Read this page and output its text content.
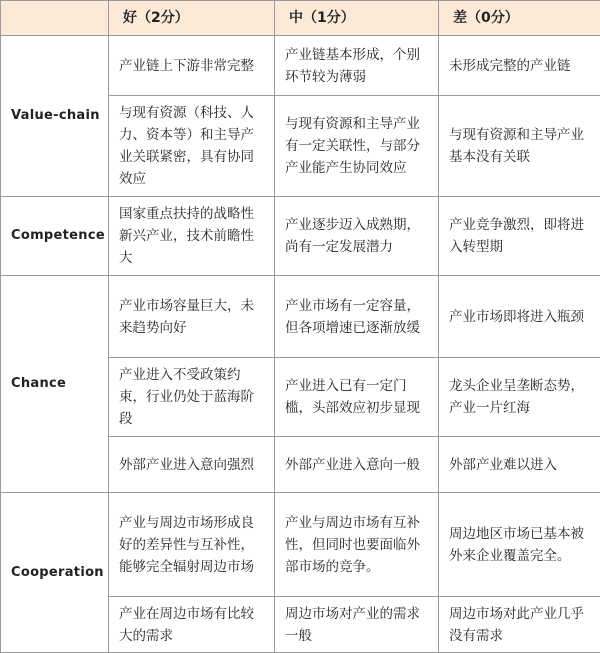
	好（2分）	中（1分）	差（0分）
Value-chain	产业链上下游非常完整	产业链基本形成，个别环节较为薄弱	未形成完整的产业链
	与现有资源（科技、人力、资本等）和主导产业关联紧密，具有协同效应	与现有资源和主导产业有一定关联性，与部分产业能产生协同效应	与现有资源和主导产业基本没有关联
Competence	国家重点扶持的战略性新兴产业，技术前瞻性大	产业逐步迈入成熟期，尚有一定发展潜力	产业竞争激烈，即将进入转型期
Chance	产业市场容量巨大，未来趋势向好	产业市场有一定容量，但各项增速已逐渐放缓	产业市场即将进入瓶颈
	产业进入不受政策约束，行业仍处于蓝海阶段	产业进入已有一定门槛，头部效应初步显现	龙头企业呈垄断态势，产业一片红海
	外部产业进入意向强烈	外部产业进入意向一般	外部产业难以进入
Cooperation	产业与周边市场形成良好的差异性与互补性，能够完全辐射周边市场	产业与周边市场有互补性，但同时也要面临外部市场的竞争。	周边地区市场已基本被外来企业覆盖完全。
	产业在周边市场有比较大的需求	周边市场对产业的需求一般	周边市场对此产业几乎没有需求
